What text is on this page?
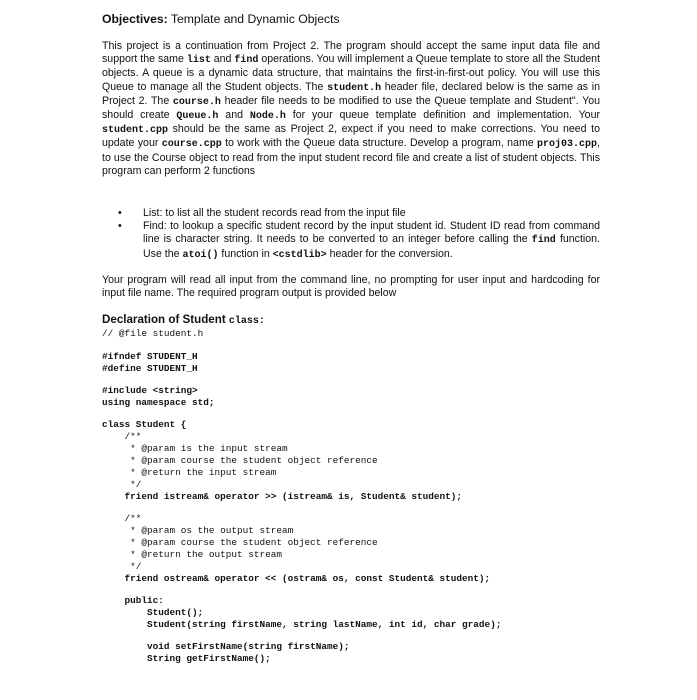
Objectives: Template and Dynamic Objects
This project is a continuation from Project 2. The program should accept the same input data file and support the same list and find operations. You will implement a Queue template to store all the Student objects. A queue is a dynamic data structure, that maintains the first-in-first-out policy. You will use this Queue to manage all the Student objects. The student.h header file, declared below is the same as in Project 2. The course.h header file needs to be modified to use the Queue template and Student". You should create Queue.h and Node.h for your queue template definition and implementation. Your student.cpp should be the same as Project 2, expect if you need to make corrections. You need to update your course.cpp to work with the Queue data structure. Develop a program, name proj03.cpp, to use the Course object to read from the input student record file and create a list of student objects. This program can perform 2 functions
• List: to list all the student records read from the input file
• Find: to lookup a specific student record by the input student id. Student ID read from command line is character string. It needs to be converted to an integer before calling the find function. Use the atoi() function in <cstdlib> header for the conversion.
Your program will read all input from the command line, no prompting for user input and hardcoding for input file name. The required program output is provided below
Declaration of Student class:
// @file student.h
#ifndef STUDENT_H
#define STUDENT_H
#include <string>
using namespace std;
class Student {
/**
* @param is the input stream
* @param course the student object reference
* @return the input stream
*/
friend istream& operator >> (istream& is, Student& student);
/**
* @param os the output stream
* @param course the student object reference
* @return the output stream
*/
friend ostream& operator << (ostram& os, const Student& student);
public:
Student();
Student(string firstName, string lastName, int id, char grade);
void setFirstName(string firstName);
String getFirstName();
